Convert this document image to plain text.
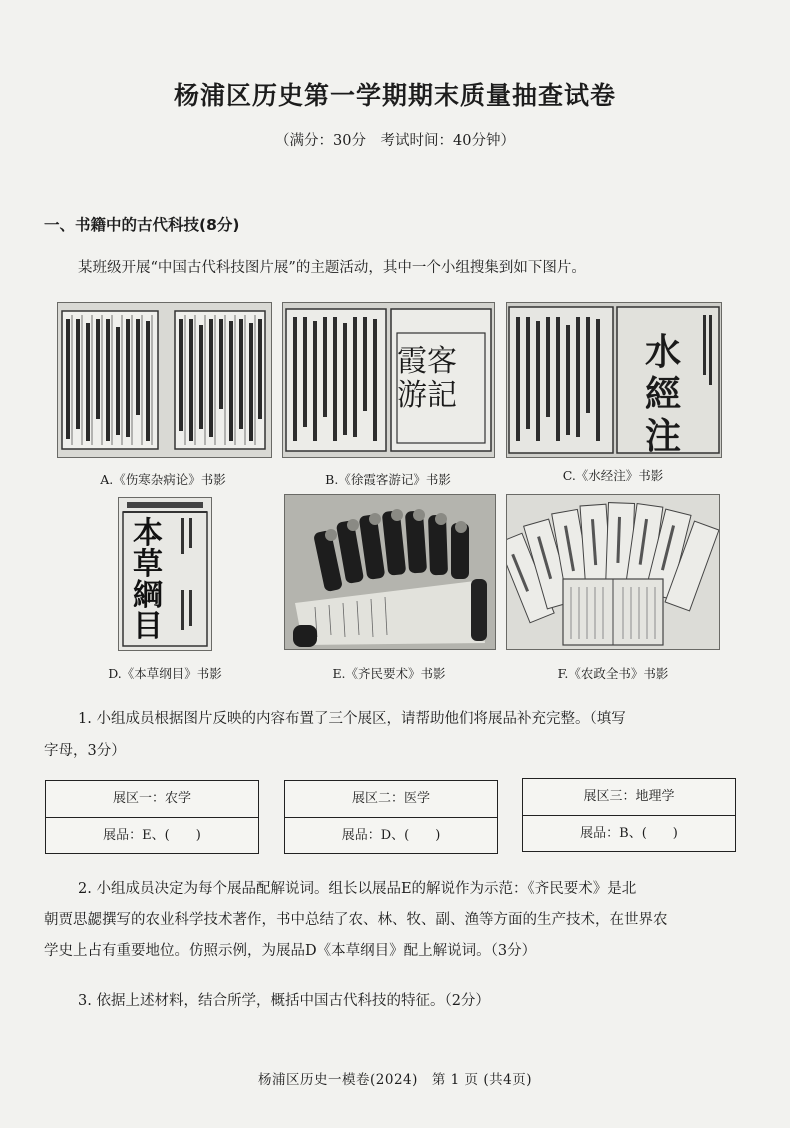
杨浦区历史第一学期期末质量抽查试卷
（满分：30分　考试时间：40分钟）
一、书籍中的古代科技(8分)
某班级开展“中国古代科技图片展”的主题活动，其中一个小组搜集到如下图片。
A.《伤寒杂病论》书影
霞客游記
B.《徐霞客游记》书影
水經注
C.《水经注》书影
本草綱目
D.《本草纲目》书影	E.《齐民要术》书影	F.《农政全书》书影
1. 小组成员根据图片反映的内容布置了三个展区，请帮助他们将展品补充完整。（填写
字母，3分）
展区一：农学
展品：E、(　　)
展区二：医学
展品：D、(　　)
展区三：地理学
展品：B、(　　)
2. 小组成员决定为每个展品配解说词。组长以展品E的解说作为示范：《齐民要术》是北
朝贾思勰撰写的农业科学技术著作，书中总结了农、林、牧、副、渔等方面的生产技术，在世界农
学史上占有重要地位。仿照示例，为展品D《本草纲目》配上解说词。（3分）
3. 依据上述材料，结合所学，概括中国古代科技的特征。（2分）
杨浦区历史一模卷(2024)　第 1 页 (共4页)
